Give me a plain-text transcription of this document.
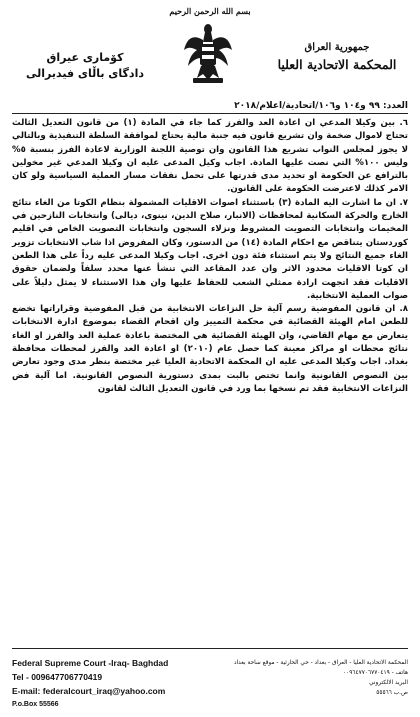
بسم الله الرحمن الرحيم
جمهورية العراق
المحكمة الاتحادية العليا
كۆماری عیراق
دادگای باڵای فیدیرالی
العدد: ٩٩ و١٠٤ و١٠٦/اتحادية/اعلام/٢٠١٨

٦. بين وكيلا المدعي ان اعادة العد والفرز كما جاء في المادة (١) من قانون التعديل الثالث تحتاج لاموال ضخمة وان تشريع قانون فيه جنبة مالية يحتاج لموافقة السلطة التنفيذية وبالتالي لا يجوز لمجلس النواب تشريع هذا القانون وان توصية اللجنة الوزارية لاعادة الفرز بنسبة ٥% وليس ١٠٠% التي نصت عليها المادة. اجاب وكيل المدعى عليه ان وكيلا المدعي غير مخولين بالترافع عن الحكومة او تحديد مدى قدرتها على تحمل نفقات مسار العملية السياسية ولو كان الامر كذلك لاعترضت الحكومة على القانون.

٧. ان ما اشارت اليه المادة (٣) باستثناء اصوات الاقليات المشمولة بنظام الكوتا من الغاء نتائج الخارج والحركة السكانية لمحافظات (الانبار، صلاح الدين، نينوى، ديالى) وانتخابات النازحين في المخيمات وانتخابات التصويت المشروط ونزلاء السجون وانتخابات التصويت الخاص في اقليم كوردستان يتناقض مع احكام المادة (١٤) من الدستور، وكان المفروض اذا شاب الانتخابات تزوير الغاء جميع النتائج ولا يتم استثناء فئة دون اخرى. اجاب وكيلا المدعى عليه رداً على هذا الطعن ان كوتا الاقليات محدود الاثر وان عدد المقاعد التي تنشأ عنها محدد سلفاً ولضمان حقوق الاقليات فقد اتجهت ارادة ممثلي الشعب للحفاظ عليها وان هذا الاستثناء لا يمثل دليلاً على صواب العملية الانتخابية.

٨. ان قانون المفوضية رسم آلية حل النزاعات الانتخابية من قبل المفوضية وقراراتها تخضع للطعن امام الهيئة القضائية في محكمة التمييز وان اقحام القضاء بموضوع ادارة الانتخابات يتعارض مع مهام القاضي، وان الهيئة القضائية هي المختصة باعادة عملية العد والفرز او الغاء نتائج محطات او مراكز معينة كما حصل عام (٢٠١٠) او اعادة العد والفرز لمحطات محافظة بغداد. اجاب وكيلا المدعى عليه ان المحكمة الاتحادية العليا غير مختصة بنظر مدى وجود تعارض بين النصوص القانونية وانما تختص بالبت بمدى دستورية النصوص القانونية. اما آلية فض النزاعات الانتخابية فقد تم نسخها بما ورد في قانون التعديل الثالث لقانون

Federal Supreme Court -Iraq- Baghdad
Tel - 009647706770419
E-mail: federalcourt_iraq@yahoo.com
P.o.Box 55566
المحكمة الاتحادية العليا - العراق - بغداد - حي الحارثية - موقع ساحة بغداد
هاتف - ٠٠٩٦٤٧٧٠٦٧٧٠٤١٩
البريد الالكتروني
ص.ب ٥٥٥٦٦
